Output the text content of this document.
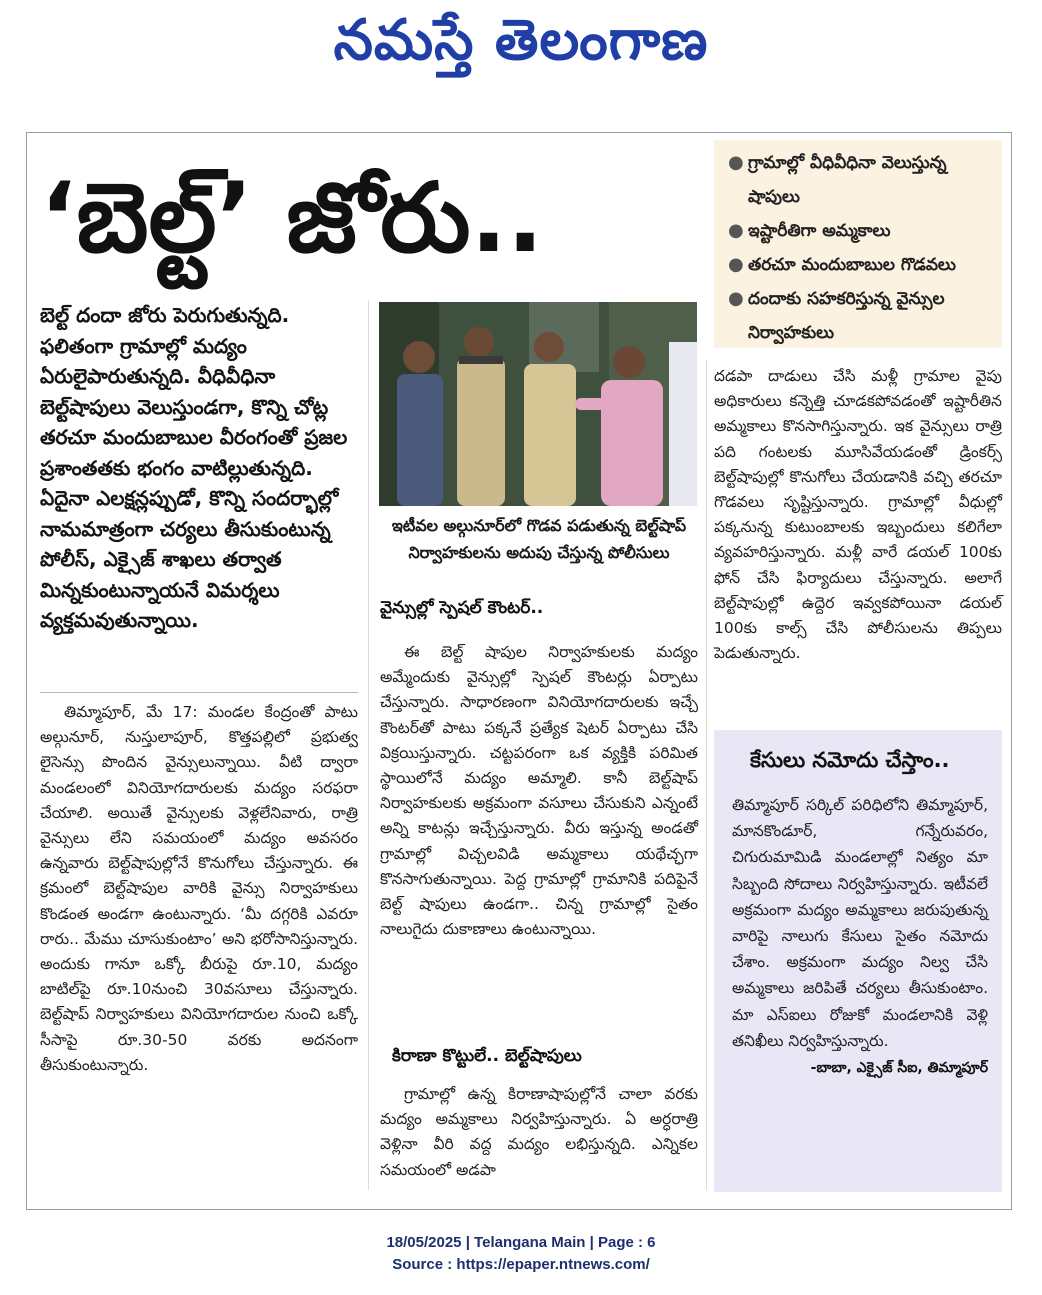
నమస్తే తెలంగాణ
‘బెల్ట్’ జోరు..	● గ్రామాల్లో వీధివీధినా వెలుస్తున్న షాపులు
● ఇష్టారీతిగా అమ్మకాలు
● తరచూ మందుబాబుల గొడవలు
● దందాకు సహకరిస్తున్న వైన్సుల నిర్వాహకులు
బెల్ట్ దందా జోరు పెరుగుతున్నది. ఫలితంగా గ్రామాల్లో మద్యం ఏరులైపారుతున్నది. వీధివీధినా బెల్ట్‌షాపులు వెలుస్తుండగా, కొన్ని చోట్ల తరచూ మందుబాబుల వీరంగంతో ప్రజల ప్రశాంతతకు భంగం వాటిల్లుతున్నది. ఏదైనా ఎలక్షన్లప్పుడో, కొన్ని సందర్భాల్లో నామమాత్రంగా చర్యలు తీసుకుంటున్న పోలీస్, ఎక్సైజ్ శాఖలు తర్వాత మిన్నకుంటున్నాయనే విమర్శలు వ్యక్తమవుతున్నాయి.

తిమ్మాపూర్, మే 17: మండల కేంద్రంతో పాటు అల్గునూర్, నుస్తులాపూర్, కొత్తపల్లిలో ప్రభుత్వ లైసెన్సు పొందిన వైన్సులున్నాయి. వీటి ద్వారా మండలంలో వినియోగదారులకు మద్యం సరఫరా చేయాలి. అయితే వైన్సులకు వెళ్లలేనివారు, రాత్రి వైన్సులు లేని సమయంలో మద్యం అవసరం ఉన్నవారు బెల్ట్‌షాపుల్లోనే కొనుగోలు చేస్తున్నారు. ఈ క్రమంలో బెల్ట్‌షాపుల వారికి వైన్సు నిర్వాహకులు కొండంత అండగా ఉంటున్నారు. ‘మీ దగ్గరికి ఎవరూ రారు.. మేము చూసుకుంటాం’ అని భరోసానిస్తున్నారు. అందుకు గానూ ఒక్కో బీరుపై రూ.10, మద్యం బాటిల్‌పై రూ.10నుంచి 30వసూలు చేస్తున్నారు. బెల్ట్‌షాప్ నిర్వాహకులు వినియోగదారుల నుంచి ఒక్కో సీసాపై రూ.30-50 వరకు అదనంగా తీసుకుంటున్నారు.

ఇటీవల అల్గునూర్‌లో గొడవ పడుతున్న బెల్ట్‌షాప్ నిర్వాహకులను అదుపు చేస్తున్న పోలీసులు
వైన్సుల్లో స్పెషల్ కౌంటర్..

ఈ బెల్ట్ షాపుల నిర్వాహకులకు మద్యం అమ్మేందుకు వైన్సుల్లో స్పెషల్ కౌంటర్లు ఏర్పాటు చేస్తున్నారు. సాధారణంగా వినియోగదారులకు ఇచ్చే కౌంటర్‌తో పాటు పక్కనే ప్రత్యేక షెటర్ ఏర్పాటు చేసి విక్రయిస్తున్నారు. చట్టపరంగా ఒక వ్యక్తికి పరిమిత స్థాయిలోనే మద్యం అమ్మాలి. కానీ బెల్ట్‌షాప్ నిర్వాహకులకు అక్రమంగా వసూలు చేసుకుని ఎన్నంటే అన్ని కాటన్లు ఇచ్చేస్తున్నారు. వీరు ఇస్తున్న అండతో గ్రామాల్లో విచ్చలవిడి అమ్మకాలు యథేచ్ఛగా కొనసాగుతున్నాయి. పెద్ద గ్రామాల్లో గ్రామానికి పదిపైనే బెల్ట్ షాపులు ఉండగా.. చిన్న గ్రామాల్లో సైతం నాలుగైదు దుకాణాలు ఉంటున్నాయి.

కిరాణా కొట్టులే.. బెల్ట్‌షాపులు

గ్రామాల్లో ఉన్న కిరాణాషాపుల్లోనే చాలా వరకు మద్యం అమ్మకాలు నిర్వహిస్తున్నారు. ఏ అర్ధరాత్రి వెళ్లినా వీరి వద్ద మద్యం లభిస్తున్నది. ఎన్నికల సమయంలో అడపా

దడపా దాడులు చేసి మళ్లీ గ్రామాల వైపు అధికారులు కన్నెత్తి చూడకపోవడంతో ఇష్టారీతిన అమ్మకాలు కొనసాగిస్తున్నారు. ఇక వైన్సులు రాత్రి పది గంటలకు మూసివేయడంతో డ్రింకర్స్ బెల్ట్‌షాపుల్లో కొనుగోలు చేయడానికి వచ్చి తరచూ గొడవలు సృష్టిస్తున్నారు. గ్రామాల్లో వీధుల్లో పక్కనున్న కుటుంబాలకు ఇబ్బందులు కలిగేలా వ్యవహరిస్తున్నారు. మళ్లీ వారే డయల్ 100కు ఫోన్ చేసి ఫిర్యాదులు చేస్తున్నారు. అలాగే బెల్ట్‌షాపుల్లో ఉద్దెర ఇవ్వకపోయినా డయల్ 100కు కాల్స్ చేసి పోలీసులను తిప్పలు పెడుతున్నారు.

కేసులు నమోదు చేస్తాం..
తిమ్మాపూర్ సర్కిల్ పరిధిలోని తిమ్మాపూర్, మానకొండూర్, గన్నేరువరం, చిగురుమామిడి మండలాల్లో నిత్యం మా సిబ్బంది సోదాలు నిర్వహిస్తున్నారు. ఇటీవలే అక్రమంగా మద్యం అమ్మకాలు జరుపుతున్న వారిపై నాలుగు కేసులు సైతం నమోదు చేశాం. అక్రమంగా మద్యం నిల్వ చేసి అమ్మకాలు జరిపితే చర్యలు తీసుకుంటాం. మా ఎస్ఐలు రోజుకో మండలానికి వెళ్లి తనిఖీలు నిర్వహిస్తున్నారు.
-బాబా, ఎక్సైజ్ సీఐ, తిమ్మాపూర్
18/05/2025 | Telangana Main | Page : 6
Source : https://epaper.ntnews.com/
